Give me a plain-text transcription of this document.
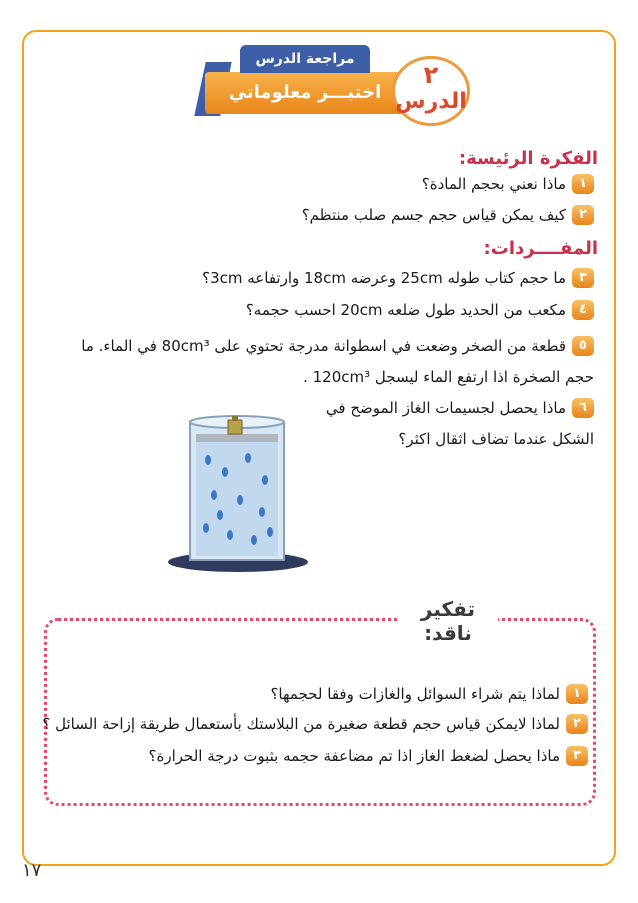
اختبـــر معلوماتي
مراجعة الدرس
٢
الدرس
الفكرة الرئيسة:
١
ماذا نعني بحجم المادة؟
٢
كيف يمكن قياس حجم جسم صلب منتظم؟
المفــــردات:
٣
ما حجم كتاب طوله 25cm وعرضه 18cm وارتفاعه 3cm؟
٤
مكعب من الحديد طول ضلعه 20cm احسب حجمه؟
٥
قطعة من الصخر وضعت في اسطوانة مدرجة تحتوي على 80cm³ في الماء. ما
حجم الصخرة اذا ارتفع الماء ليسجل 120cm³ .
٦
ماذا يحصل لجسيمات الغاز الموضح في
الشكل عندما تضاف اثقال اكثر؟
تفكير ناقد:
١
لماذا يتم شراء السوائل والغازات وفقا لحجمها؟
٢
لماذا لايمكن قياس حجم قطعة صغيرة من البلاستك بأستعمال طريقة إزاحة السائل ؟
٣
ماذا يحصل لضغط الغاز اذا تم مضاعفة حجمه بثبوت درجة الحرارة؟
١٧
